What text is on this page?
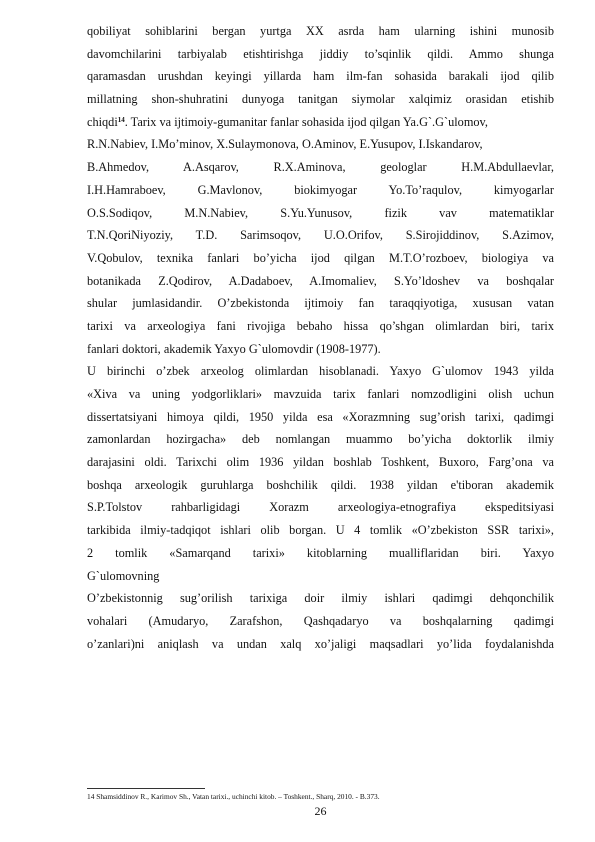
qobiliyat sohiblarini bergan yurtga XX asrda ham ularning ishini munosib
davomchilarini tarbiyalab etishtirishga jiddiy to’sqinlik qildi. Ammo shunga
qaramasdan urushdan keyingi yillarda ham ilm-fan sohasida barakali ijod qilib
millatning shon-shuhratini dunyoga tanitgan siymolar xalqimiz orasidan etishib
chiqdi$^{14}$. Tarix va ijtimoiy-gumanitar fanlar sohasida ijod qilgan Ya.G`.G`ulomov,
R.N.Nabiev, I.Mo’minov, X.Sulaymonova, O.Aminov, E.Yusupov, I.Iskandarov,
B.Ahmedov, A.Asqarov, R.X.Aminova, geologlar H.M.Abdullaevlar,
I.H.Hamraboev, G.Mavlonov, biokimyogar Yo.To’raqulov, kimyogarlar
O.S.Sodiqov, M.N.Nabiev, S.Yu.Yunusov, fizik vav matematiklar
T.N.QoriNiyoziy, T.D. Sarimsoqov, U.O.Orifov, S.Sirojiddinov, S.Azimov,
V.Qobulov, texnika fanlari bo’yicha ijod qilgan M.T.O’rozboev, biologiya va
botanikada Z.Qodirov, A.Dadaboev, A.Imomaliev, S.Yo’ldoshev va boshqalar
shular jumlasidandir. O’zbekistonda ijtimoiy fan taraqqiyotiga, xususan vatan
tarixi va arxeologiya fani rivojiga bebaho hissa qo’shgan olimlardan biri, tarix
fanlari doktori, akademik Yaxyo G`ulomovdir (1908-1977).
U birinchi o’zbek arxeolog olimlardan hisoblanadi. Yaxyo G`ulomov 1943 yilda
«Xiva va uning yodgorliklari» mavzuida tarix fanlari nomzodligini olish uchun
dissertatsiyani himoya qildi, 1950 yilda esa «Xorazmning sug’orish tarixi, qadimgi
zamonlardan hozirgacha» deb nomlangan muammo bo’yicha doktorlik ilmiy
darajasini oldi. Tarixchi olim 1936 yildan boshlab Toshkent, Buxoro, Farg’ona va
boshqa arxeologik guruhlarga boshchilik qildi. 1938 yildan e'tiboran akademik
S.P.Tolstov rahbarligidagi Xorazm arxeologiya-etnografiya ekspeditsiyasi
tarkibida ilmiy-tadqiqot ishlari olib borgan. U 4 tomlik «O’zbekiston SSR tarixi»,
2 tomlik «Samarqand tarixi» kitoblarning mualliflaridan biri. Yaxyo
G`ulomovning
O’zbekistonnig sug’orilish tarixiga doir ilmiy ishlari qadimgi dehqonchilik
vohalari (Amudaryo, Zarafshon, Qashqadaryo va boshqalarning qadimgi
o’zanlari)ni aniqlash va undan xalq xo’jaligi maqsadlari yo’lida foydalanishda
14 Shamsiddinov R., Karimov Sh., Vatan tarixi., uchinchi kitob. – Toshkent., Sharq, 2010. - B.373.
26
